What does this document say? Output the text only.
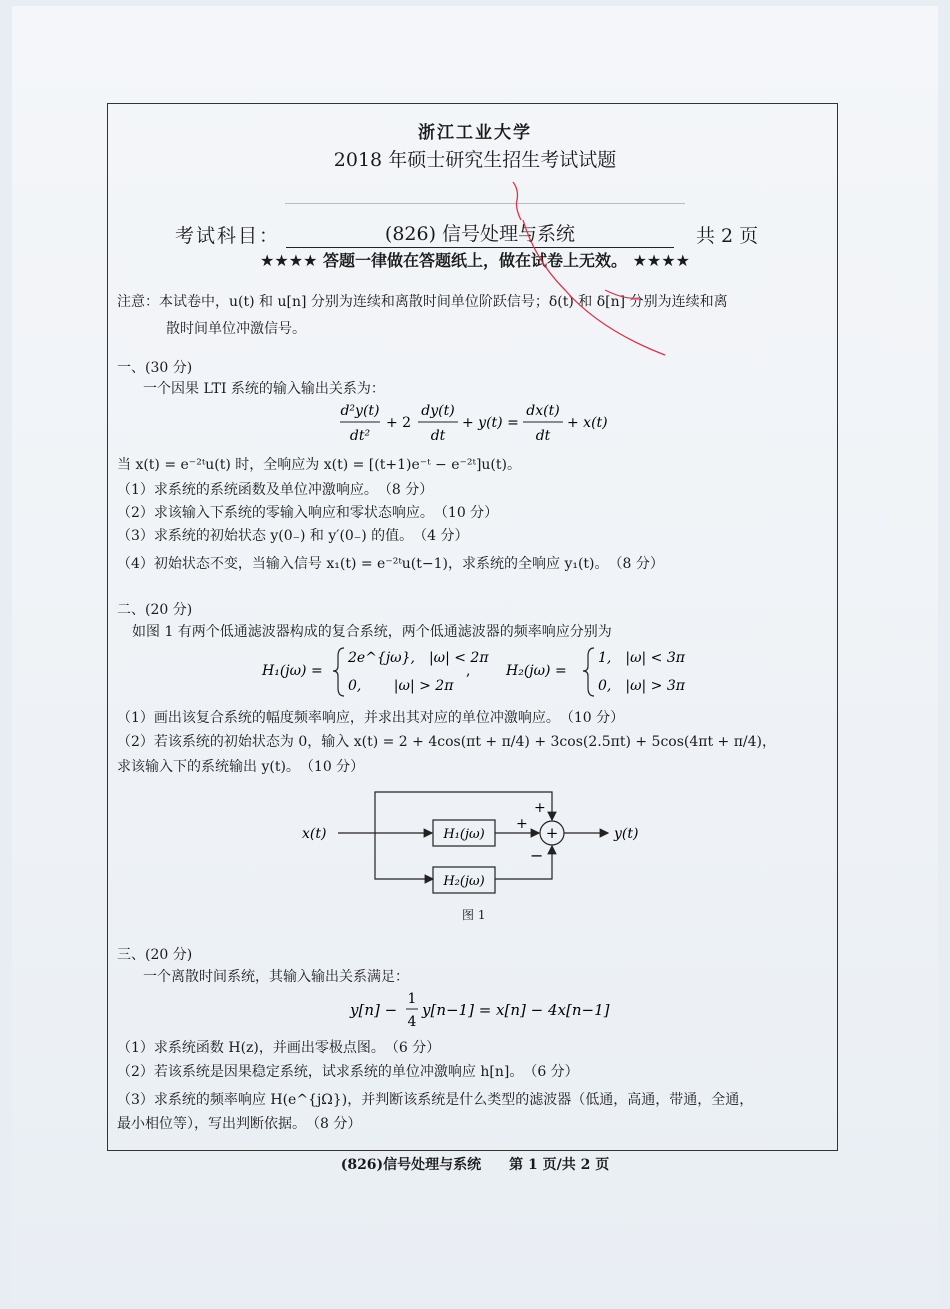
浙江工业大学
2018 年硕士研究生招生考试试题
考试科目：	(826) 信号处理与系统	共 2 页
★★★★ 答题一律做在答题纸上，做在试卷上无效。 ★★★★
注意：本试卷中，u(t) 和 u[n] 分别为连续和离散时间单位阶跃信号；δ(t) 和 δ[n] 分别为连续和离
散时间单位冲激信号。
一、(30 分)
一个因果 LTI 系统的输入输出关系为：
d²y(t)
dt²
+ 2
dy(t)
dt
+ y(t) =
dx(t)
dt
+ x(t)
当 x(t) = e⁻²ᵗu(t) 时，全响应为 x(t) = [(t+1)e⁻ᵗ − e⁻²ᵗ]u(t)。
（1）求系统的系统函数及单位冲激响应。　（8 分）
（2）求该输入下系统的零输入响应和零状态响应。　（10 分）
（3）求系统的初始状态 y(0₋) 和 y′(0₋) 的值。　（4 分）
（4）初始状态不变，当输入信号 x₁(t) = e⁻²ᵗu(t−1)，求系统的全响应 y₁(t)。　（8 分）
二、(20 分)
如图 1 有两个低通滤波器构成的复合系统，两个低通滤波器的频率响应分别为
H₁(jω) =
2e^{jω},　|ω| < 2π
0,　　 |ω| > 2π
,	H₂(jω) =
1,　|ω| < 3π
0,　|ω| > 3π
（1）画出该复合系统的幅度频率响应，并求出其对应的单位冲激响应。　（10 分）
（2）若该系统的初始状态为 0，输入 x(t) = 2 + 4cos(πt + π/4) + 3cos(2.5πt) + 5cos(4πt + π/4)，
求该输入下的系统输出 y(t)。　（10 分）
x(t)	H₁(jω)	+	y(t)
H₂(jω)
+
+
−
图 1
三、(20 分)
一个离散时间系统，其输入输出关系满足：
y[n] −
1
4
y[n−1] = x[n] − 4x[n−1]
（1）求系统函数 H(z)，并画出零极点图。　（6 分）
（2）若该系统是因果稳定系统，试求系统的单位冲激响应 h[n]。　（6 分）
（3）求系统的频率响应 H(e^{jΩ})，并判断该系统是什么类型的滤波器（低通，高通，带通，全通，
最小相位等），写出判断依据。　（8 分）
(826)信号处理与系统　　第 1 页/共 2 页
